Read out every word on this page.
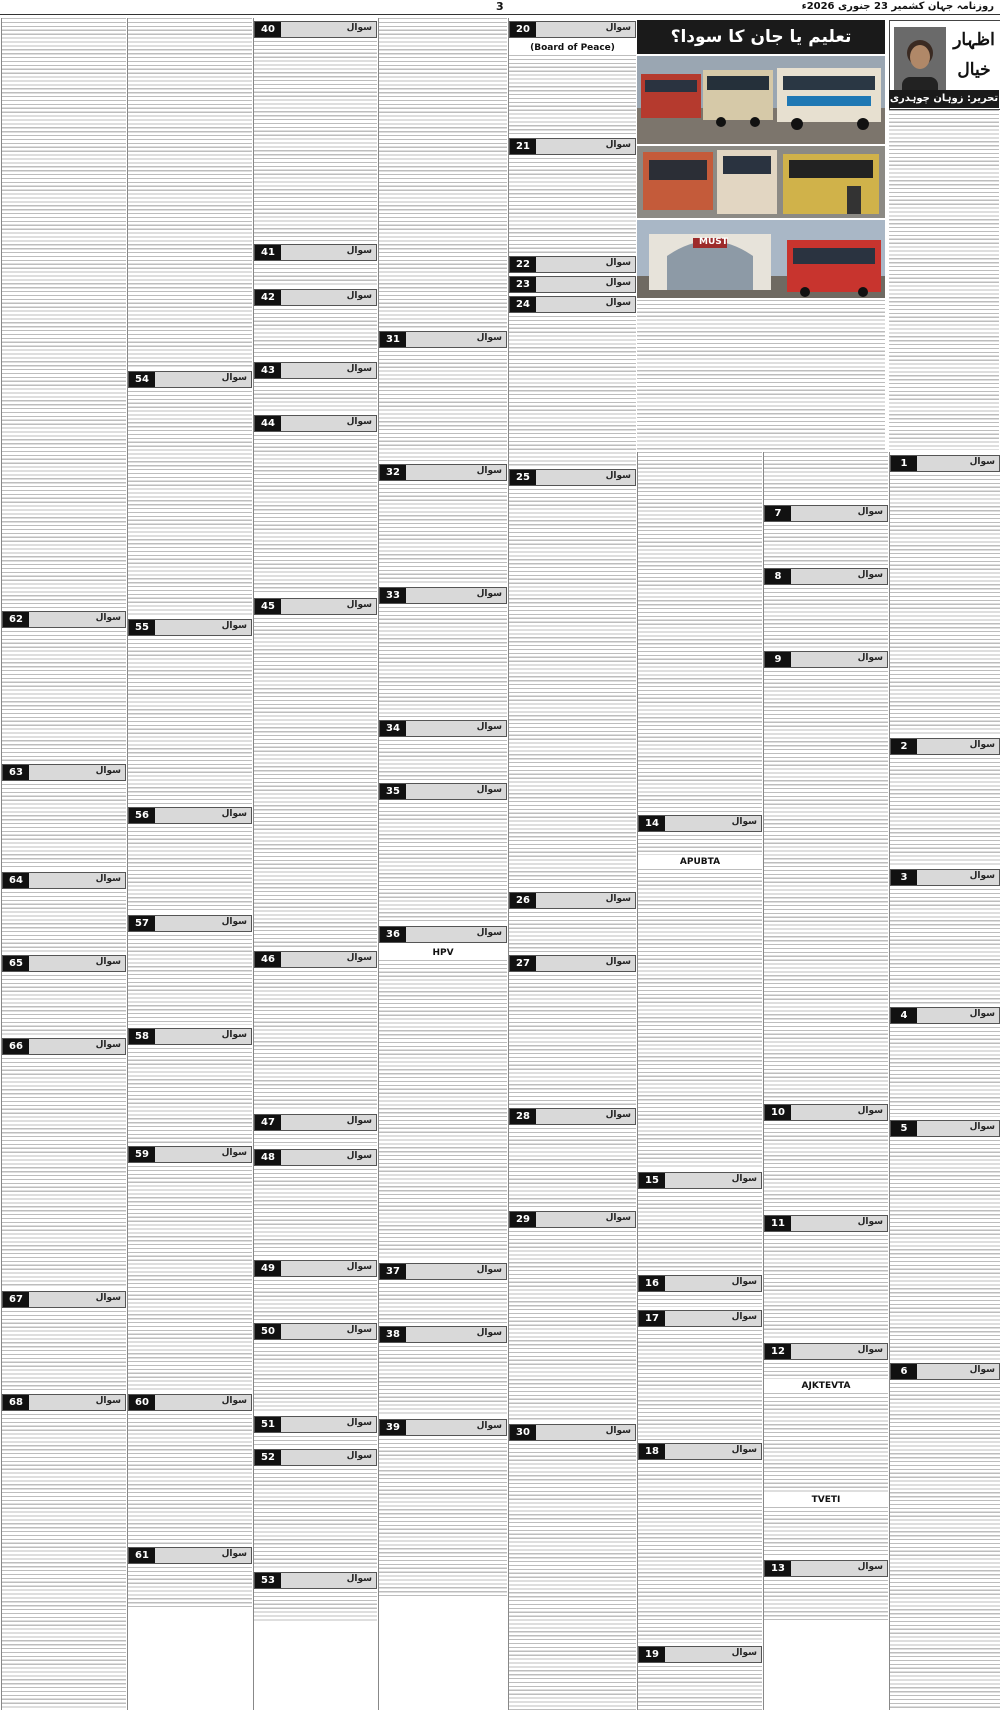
3	روزنامہ جہان کشمیر 23 جنوری 2026ء
تعلیم یا جان کا سودا؟	اظہار خیال
تحریر: زوہان چوہدری
MUST
1	سوال
2	سوال
3	سوال
4	سوال
5	سوال
6	سوال
7	سوال
8	سوال
9	سوال
10	سوال
11	سوال
12	سوال
AJKTEVTA
TVETI
13	سوال
14	سوال
APUBTA
15	سوال
16	سوال
17	سوال
18	سوال
19	سوال
20	سوال
(Board of Peace)
21	سوال
22	سوال
23	سوال
24	سوال
25	سوال
26	سوال
27	سوال
28	سوال
29	سوال
30	سوال
31	سوال
32	سوال
33	سوال
34	سوال
35	سوال
36	سوال
HPV
37	سوال
38	سوال
39	سوال
40	سوال
41	سوال
42	سوال
43	سوال
44	سوال
45	سوال
46	سوال
47	سوال
48	سوال
49	سوال
50	سوال
51	سوال
52	سوال
53	سوال
54	سوال
55	سوال
56	سوال
57	سوال
58	سوال
59	سوال
60	سوال
61	سوال
62	سوال
63	سوال
64	سوال
65	سوال
66	سوال
67	سوال
68	سوال
